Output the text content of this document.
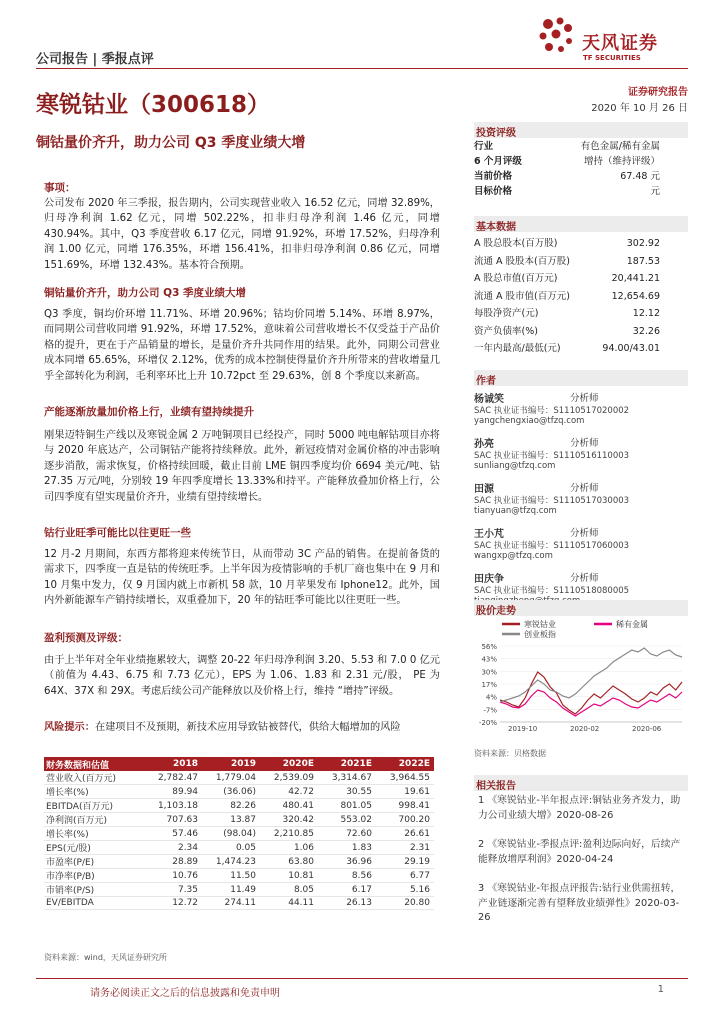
公司报告 | 季报点评
天风证券
TF SECURITIES
寒锐钴业（300618）	证券研究报告
2020 年 10 月 26 日
铜钴量价齐升，助力公司 Q3 季度业绩大增
事项：
公司发布 2020 年三季报，报告期内，公司实现营业收入 16.52 亿元，同增 32.89%，归母净利润 1.62 亿元，同增 502.22%，扣非归母净利润 1.46 亿元，同增 430.94%。其中，Q3 季度营收 6.17 亿元，同增 91.92%，环增 17.52%，归母净利润 1.00 亿元，同增 176.35%，环增 156.41%，扣非归母净利润 0.86 亿元，同增 151.69%，环增 132.43%。基本符合预期。
铜钴量价齐升，助力公司 Q3 季度业绩大增
Q3 季度，铜均价环增 11.71%、环增 20.96%；钴均价同增 5.14%、环增 8.97%，而同期公司营收同增 91.92%，环增 17.52%，意味着公司营收增长不仅受益于产品价格的提升，更在于产品销量的增长，是量价齐升共同作用的结果。此外，同期公司营业成本同增 65.65%，环增仅 2.12%，优秀的成本控制使得量价齐升所带来的营收增量几乎全部转化为利润，毛利率环比上升 10.72pct 至 29.63%，创 8 个季度以来新高。
产能逐渐放量加价格上行，业绩有望持续提升
刚果迈特铜生产线以及寒锐金属 2 万吨铜项目已经投产，同时 5000 吨电解钴项目亦将与 2020 年底达产，公司铜钴产能将持续释放。此外，新冠疫情对金属价格的冲击影响逐步消散，需求恢复，价格持续回暖，截止目前 LME 铜四季度均价 6694 美元/吨、钴 27.35 万元/吨，分别较 19 年四季度增长 13.33%和持平。产能释放叠加价格上行，公司四季度有望实现量价齐升，业绩有望持续增长。
钴行业旺季可能比以往更旺一些
12 月-2 月期间，东西方都将迎来传统节日，从而带动 3C 产品的销售。在提前备货的需求下，四季度一直是钴的传统旺季。上半年因为疫情影响的手机厂商也集中在 9 月和 10 月集中发力，仅 9 月国内就上市新机 58 款，10 月苹果发布 Iphone12。此外，国内外新能源车产销持续增长，双重叠加下，20 年的钴旺季可能比以往更旺一些。
盈利预测及评级：
由于上半年对全年业绩拖累较大，调整 20-22 年归母净利润 3.20、5.53 和 7.0 0 亿元（前值为 4.43、6.75 和 7.73 亿元），EPS 为 1.06、1.83 和 2.31 元/股， PE 为 64X、37X 和 29X。考虑后续公司产能释放以及价格上行，维持 “增持”评级。
风险提示：在建项目不及预期，新技术应用导致钴被替代，供给大幅增加的风险
财务数据和估值	2018	2019	2020E	2021E	2022E
营业收入(百万元)	2,782.47	1,779.04	2,539.09	3,314.67	3,964.55
增长率(%)	89.94	(36.06)	42.72	30.55	19.61
EBITDA(百万元)	1,103.18	82.26	480.41	801.05	998.41
净利润(百万元)	707.63	13.87	320.42	553.02	700.20
增长率(%)	57.46	(98.04)	2,210.85	72.60	26.61
EPS(元/股)	2.34	0.05	1.06	1.83	2.31
市盈率(P/E)	28.89	1,474.23	63.80	36.96	29.19
市净率(P/B)	10.76	11.50	10.81	8.56	6.77
市销率(P/S)	7.35	11.49	8.05	6.17	5.16
EV/EBITDA	12.72	274.11	44.11	26.13	20.80
资料来源：wind，天风证券研究所
投资评级
行业	有色金属/稀有金属
6 个月评级	增持（维持评级）
当前价格	67.48 元
目标价格	元
基本数据
A 股总股本(百万股)	302.92
流通 A 股股本(百万股)	187.53
A 股总市值(百万元)	20,441.21
流通 A 股市值(百万元)	12,654.69
每股净资产(元)	12.12
资产负债率(%)	32.26
一年内最高/最低(元)	94.00/43.01
作者
杨诚笑	分析师
SAC 执业证书编号：S1110517020002
yangchengxiao@tfzq.com
孙亮	分析师
SAC 执业证书编号：S1110516110003
sunliang@tfzq.com
田源	分析师
SAC 执业证书编号：S1110517030003
tianyuan@tfzq.com
王小芃	分析师
SAC 执业证书编号：S1110517060003
wangxp@tfzq.com
田庆争	分析师
SAC 执业证书编号：S1110518080005
股价走势
寒锐钴业	稀有金属
创业板指
56%
43%
30%
17%
4%
-7%
-20%
2019-10	2020-02	2020-06
资料来源：贝格数据
相关报告
1 《寒锐钴业-半年报点评:铜钴业务齐发力，助力公司业绩大增》2020-08-26
2 《寒锐钴业-季报点评:盈利边际向好，后续产能释放增厚利润》2020-04-24
3 《寒锐钴业-年报点评报告:钴行业供需扭转，产业链逐渐完善有望释放业绩弹性》2020-03-26
请务必阅读正文之后的信息披露和免责申明	1
